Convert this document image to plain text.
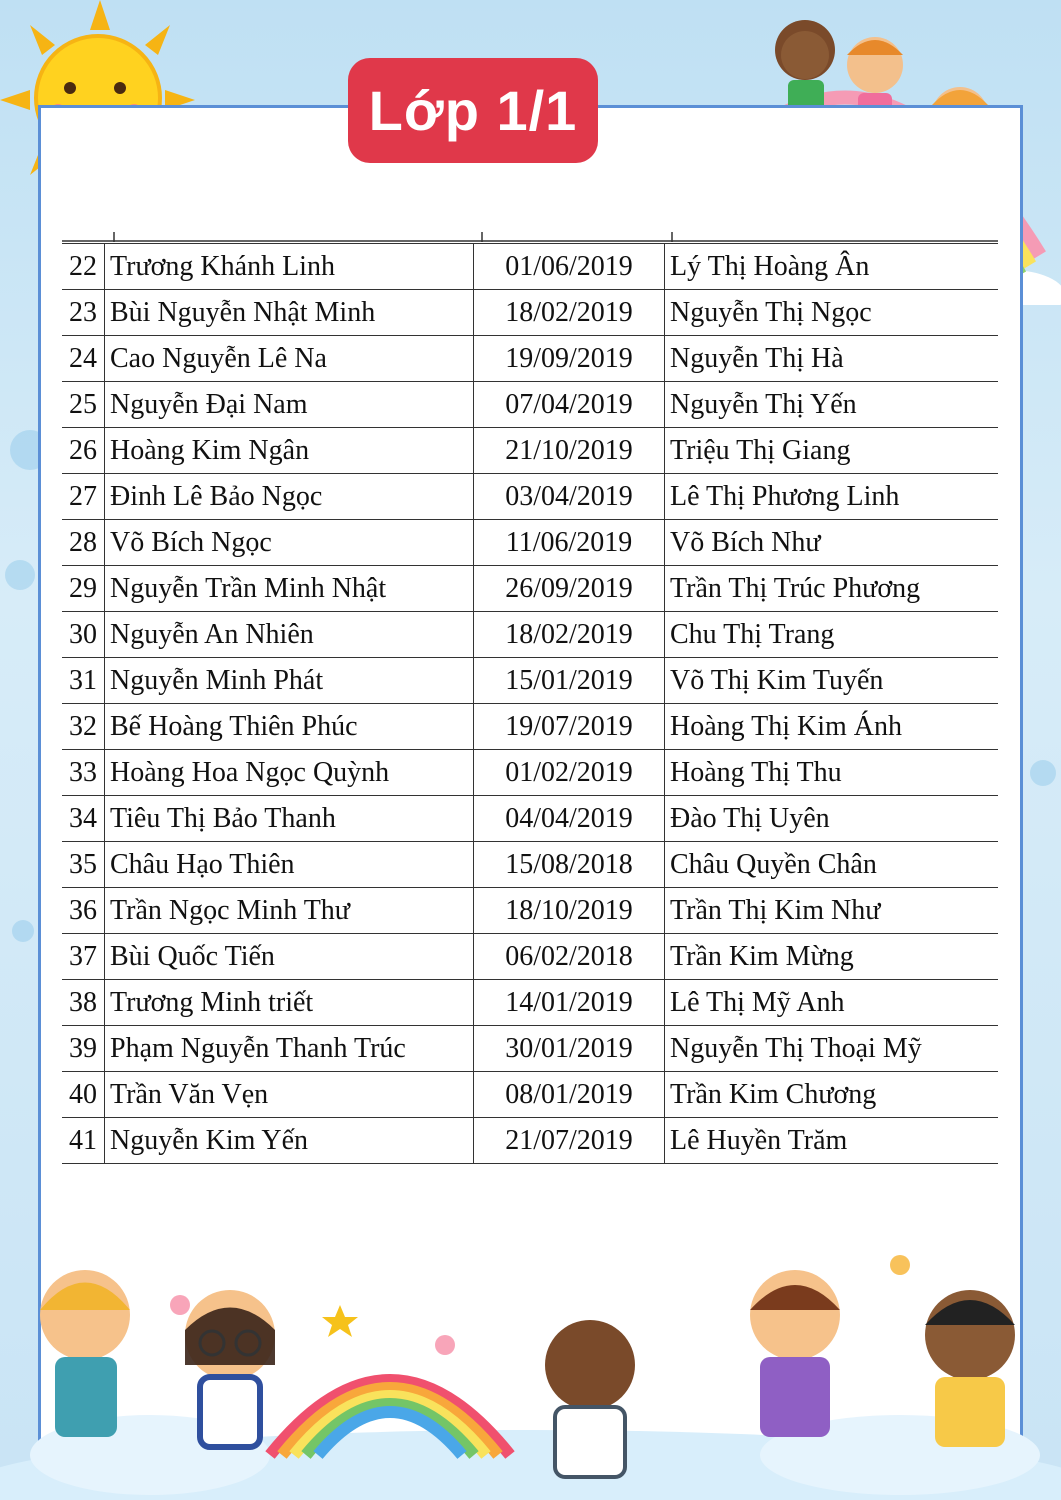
Lớp 1/1
22	Trương Khánh Linh	01/06/2019	Lý Thị Hoàng Ân
23	Bùi Nguyễn Nhật Minh	18/02/2019	Nguyễn Thị Ngọc
24	Cao Nguyễn Lê Na	19/09/2019	Nguyễn Thị Hà
25	Nguyễn Đại Nam	07/04/2019	Nguyễn Thị Yến
26	Hoàng Kim Ngân	21/10/2019	Triệu Thị Giang
27	Đinh Lê Bảo Ngọc	03/04/2019	Lê Thị Phương Linh
28	Võ Bích Ngọc	11/06/2019	Võ Bích Như
29	Nguyễn Trần Minh Nhật	26/09/2019	Trần Thị Trúc Phương
30	Nguyễn An Nhiên	18/02/2019	Chu Thị Trang
31	Nguyễn Minh Phát	15/01/2019	Võ Thị Kim Tuyến
32	Bế Hoàng Thiên Phúc	19/07/2019	Hoàng Thị Kim Ánh
33	Hoàng Hoa Ngọc Quỳnh	01/02/2019	Hoàng Thị Thu
34	Tiêu Thị Bảo Thanh	04/04/2019	Đào Thị Uyên
35	Châu Hạo Thiên	15/08/2018	Châu Quyền Chân
36	Trần Ngọc Minh Thư	18/10/2019	Trần Thị Kim Như
37	Bùi Quốc Tiến	06/02/2018	Trần Kim Mừng
38	Trương Minh triết	14/01/2019	Lê Thị Mỹ Anh
39	Phạm Nguyễn Thanh Trúc	30/01/2019	Nguyễn Thị Thoại Mỹ
40	Trần Văn Vẹn	08/01/2019	Trần Kim Chương
41	Nguyễn Kim Yến	21/07/2019	Lê Huyền Trăm
